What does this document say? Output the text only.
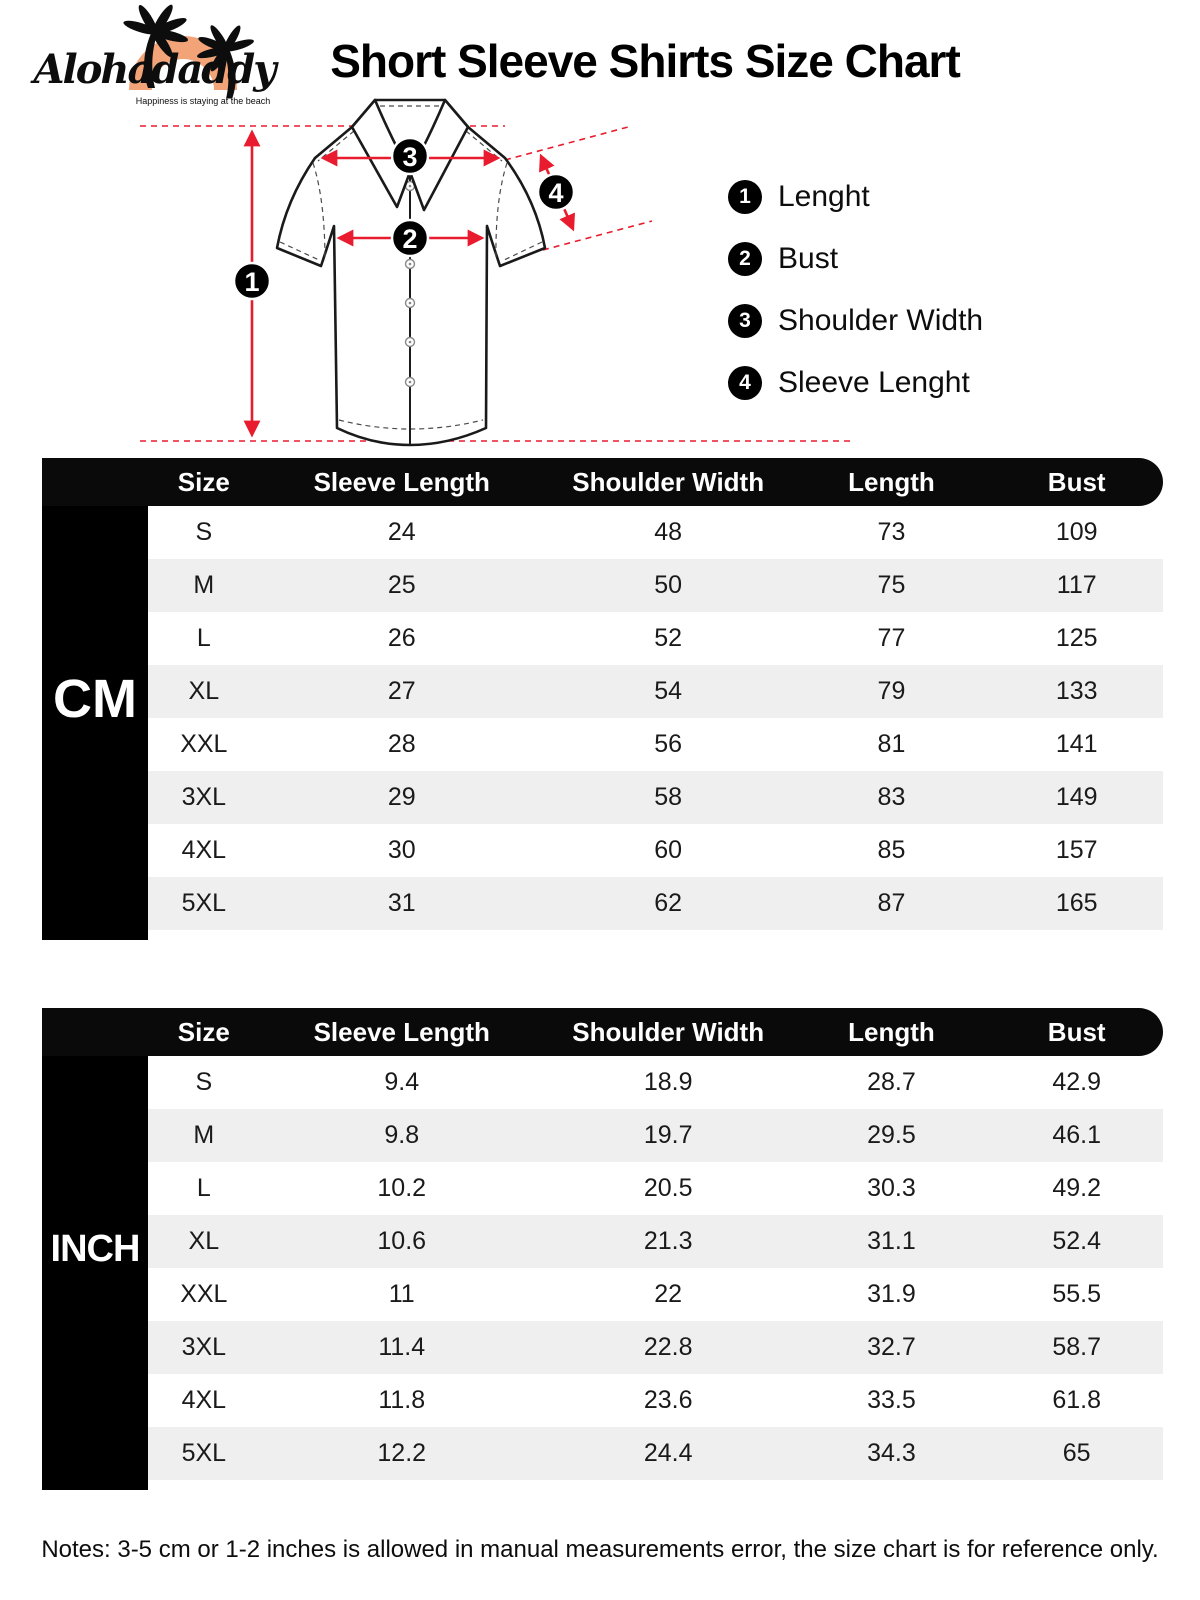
Alohadaddy
Happiness is staying at the beach
Short Sleeve Shirts Size Chart
1
2
3
4	1 Lenght
2 Bust
3 Shoulder Width
4 Sleeve Lenght
CM
Size	Sleeve Length	Shoulder Width	Length	Bust
S	24	48	73	109
M	25	50	75	117
L	26	52	77	125
XL	27	54	79	133
XXL	28	56	81	141
3XL	29	58	83	149
4XL	30	60	85	157
5XL	31	62	87	165
INCH
Size	Sleeve Length	Shoulder Width	Length	Bust
S	9.4	18.9	28.7	42.9
M	9.8	19.7	29.5	46.1
L	10.2	20.5	30.3	49.2
XL	10.6	21.3	31.1	52.4
XXL	11	22	31.9	55.5
3XL	11.4	22.8	32.7	58.7
4XL	11.8	23.6	33.5	61.8
5XL	12.2	24.4	34.3	65

Notes: 3-5 cm or 1-2 inches is allowed in manual measurements error, the size chart is for reference only.
